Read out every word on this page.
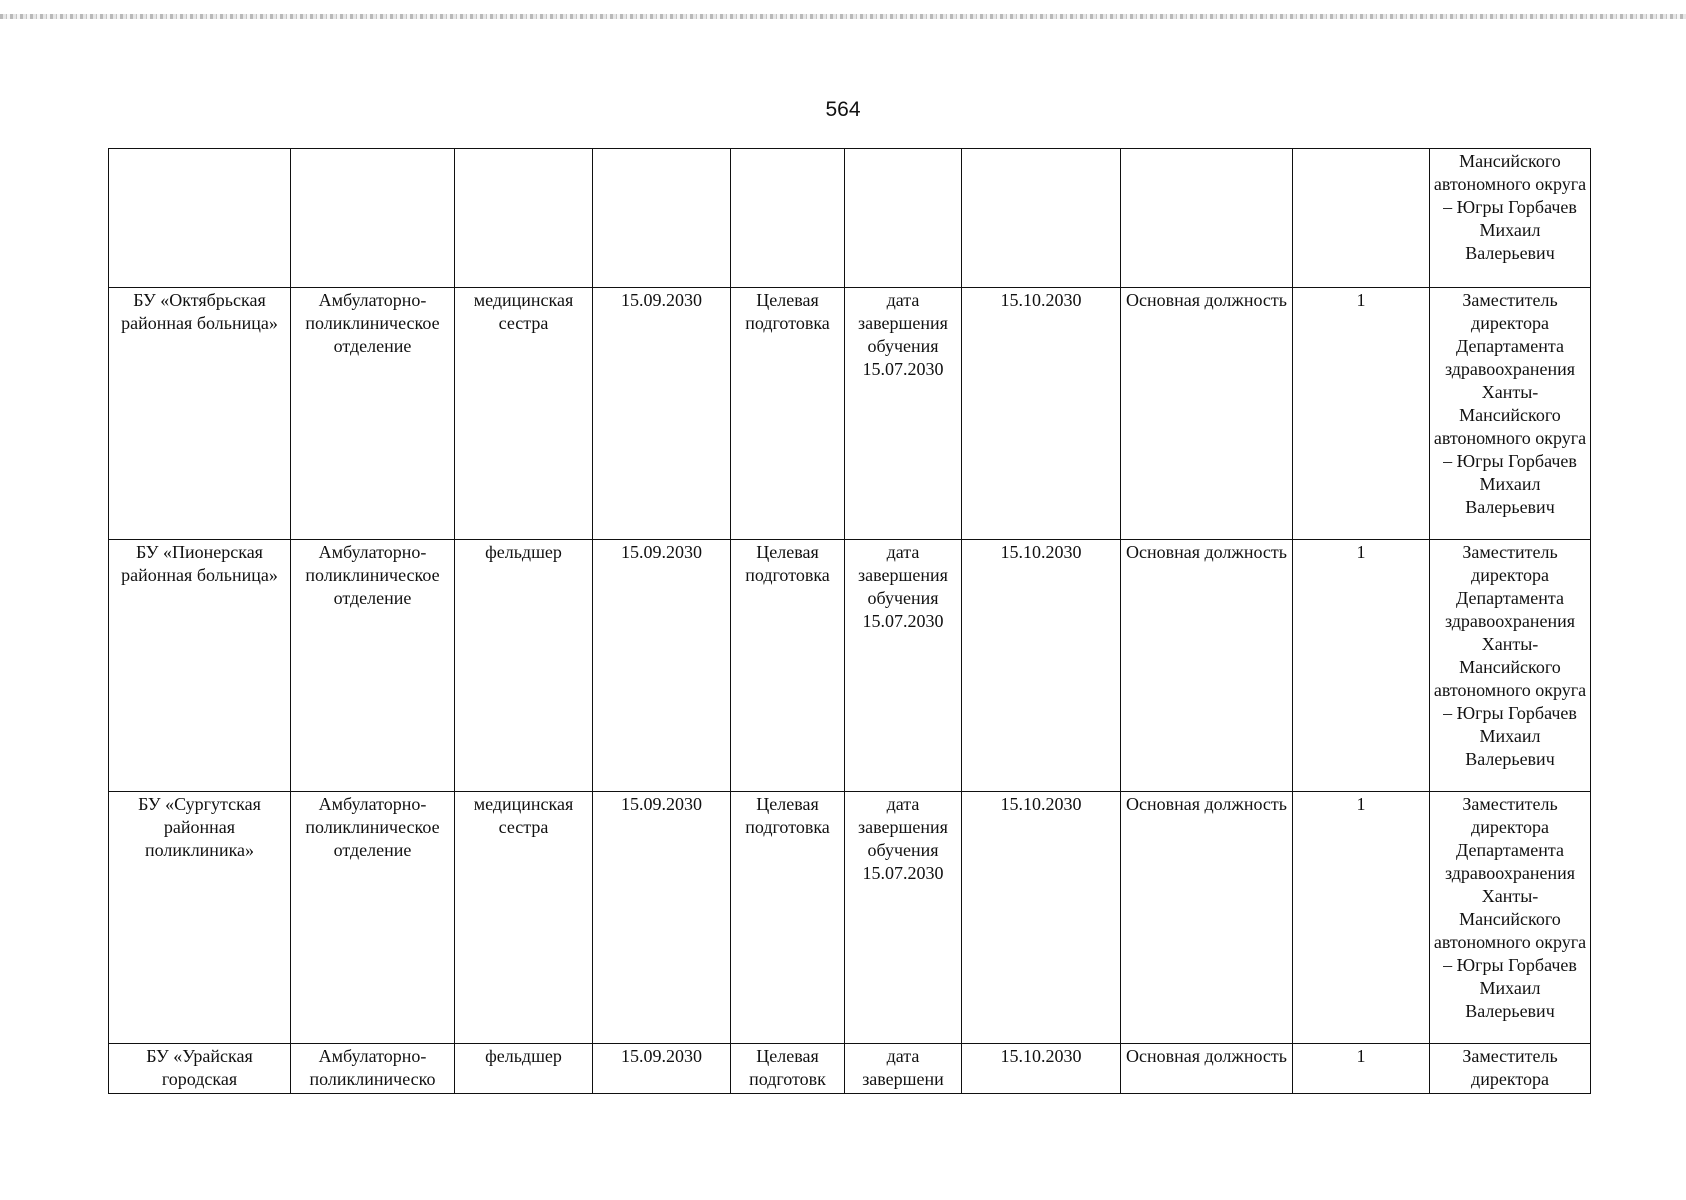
564
									Мансийского автономного округа – Югры Горбачев Михаил Валерьевич
БУ «Октябрьская районная больница»	Амбулаторно-поликлиническое отделение	медицинская сестра	15.09.2030	Целевая подготовка	дата завершения обучения 15.07.2030	15.10.2030	Основная должность	1	Заместитель директора Департамента здравоохранения Ханты-Мансийского автономного округа – Югры Горбачев Михаил Валерьевич
БУ «Пионерская районная больница»	Амбулаторно-поликлиническое отделение	фельдшер	15.09.2030	Целевая подготовка	дата завершения обучения 15.07.2030	15.10.2030	Основная должность	1	Заместитель директора Департамента здравоохранения Ханты-Мансийского автономного округа – Югры Горбачев Михаил Валерьевич
БУ «Сургутская районная поликлиника»	Амбулаторно-поликлиническое отделение	медицинская сестра	15.09.2030	Целевая подготовка	дата завершения обучения 15.07.2030	15.10.2030	Основная должность	1	Заместитель директора Департамента здравоохранения Ханты-Мансийского автономного округа – Югры Горбачев Михаил Валерьевич
БУ «Урайская городская	Амбулаторно-поликлиническо	фельдшер	15.09.2030	Целевая подготовк	дата завершени	15.10.2030	Основная должность	1	Заместитель директора
